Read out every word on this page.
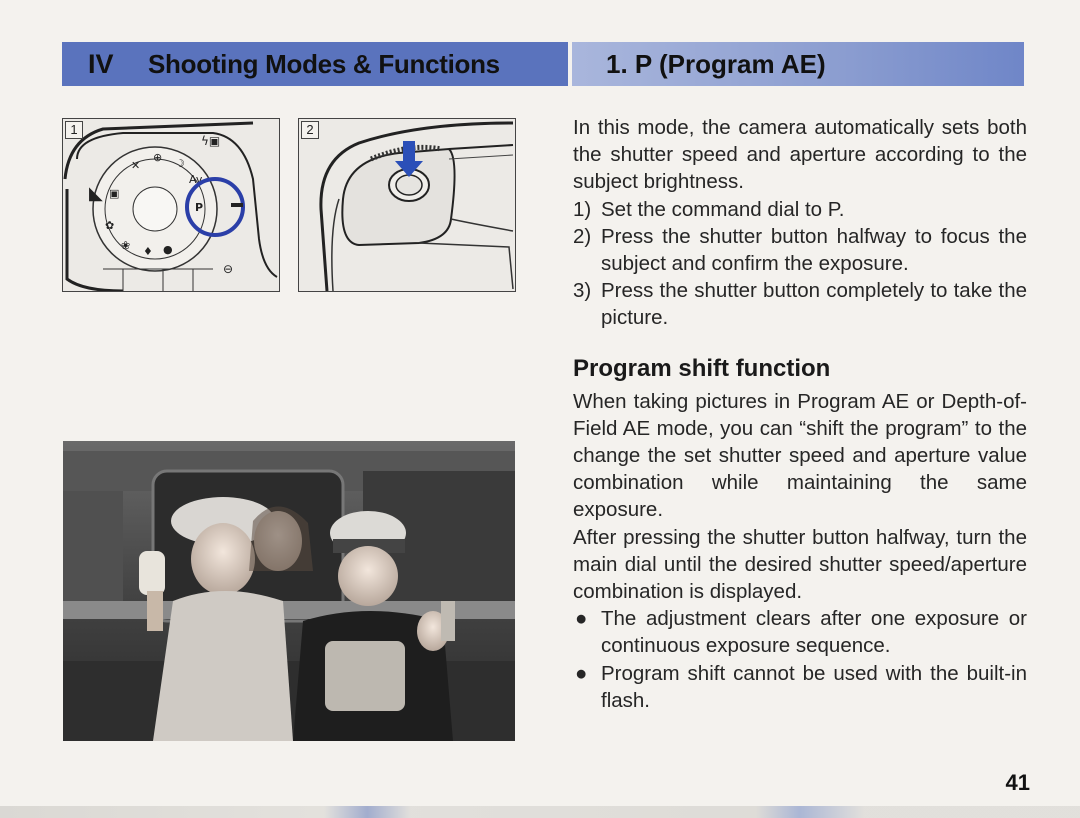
IV	Shooting Modes & Functions	1. P (Program AE)
1
✕
⊕ ☽
Av
P
▣
✿
❀ ♦ ●
◣
⊖
ϟ▣
2	In this mode, the camera automatically sets both the shutter speed and aperture according to the subject brightness.

1) Set the command dial to P.
2) Press the shutter button halfway to focus the subject and confirm the exposure.
3) Press the shutter button completely to take the picture.
Program shift function

When taking pictures in Program AE or Depth-of-Field AE mode, you can “shift the program” to the change the set shutter speed and aperture value combination while maintaining the same exposure.

After pressing the shutter button halfway, turn the main dial until the desired shutter speed/aperture combination is displayed.

● The adjustment clears after one exposure or continuous exposure sequence.
● Program shift cannot be used with the built-in flash.
41
